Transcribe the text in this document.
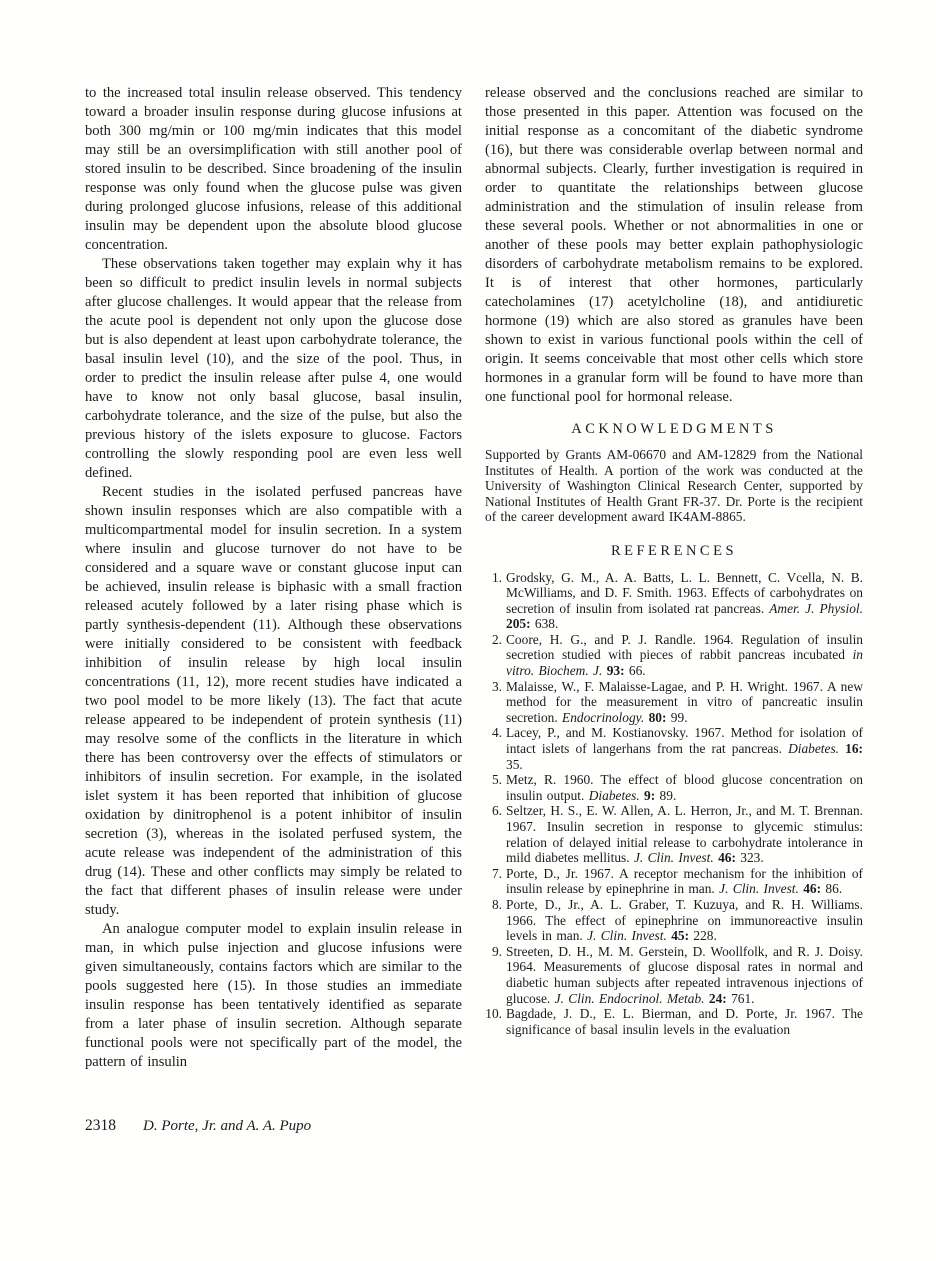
to the increased total insulin release observed. This tendency toward a broader insulin response during glucose infusions at both 300 mg/min or 100 mg/min indicates that this model may still be an oversimplification with still another pool of stored insulin to be described. Since broadening of the insulin response was only found when the glucose pulse was given during prolonged glucose infusions, release of this additional insulin may be dependent upon the absolute blood glucose concentration.

These observations taken together may explain why it has been so difficult to predict insulin levels in normal subjects after glucose challenges. It would appear that the release from the acute pool is dependent not only upon the glucose dose but is also dependent at least upon carbohydrate tolerance, the basal insulin level (10), and the size of the pool. Thus, in order to predict the insulin release after pulse 4, one would have to know not only basal glucose, basal insulin, carbohydrate tolerance, and the size of the pulse, but also the previous history of the islets exposure to glucose. Factors controlling the slowly responding pool are even less well defined.

Recent studies in the isolated perfused pancreas have shown insulin responses which are also compatible with a multicompartmental model for insulin secretion. In a system where insulin and glucose turnover do not have to be considered and a square wave or constant glucose input can be achieved, insulin release is biphasic with a small fraction released acutely followed by a later rising phase which is partly synthesis-dependent (11). Although these observations were initially considered to be consistent with feedback inhibition of insulin release by high local insulin concentrations (11, 12), more recent studies have indicated a two pool model to be more likely (13). The fact that acute release appeared to be independent of protein synthesis (11) may resolve some of the conflicts in the literature in which there has been controversy over the effects of stimulators or inhibitors of insulin secretion. For example, in the isolated islet system it has been reported that inhibition of glucose oxidation by dinitrophenol is a potent inhibitor of insulin secretion (3), whereas in the isolated perfused system, the acute release was independent of the administration of this drug (14). These and other conflicts may simply be related to the fact that different phases of insulin release were under study.

An analogue computer model to explain insulin release in man, in which pulse injection and glucose infusions were given simultaneously, contains factors which are similar to the pools suggested here (15). In those studies an immediate insulin response has been tentatively identified as separate from a later phase of insulin secretion. Although separate functional pools were not specifically part of the model, the pattern of insulin

release observed and the conclusions reached are similar to those presented in this paper. Attention was focused on the initial response as a concomitant of the diabetic syndrome (16), but there was considerable overlap between normal and abnormal subjects. Clearly, further investigation is required in order to quantitate the relationships between glucose administration and the stimulation of insulin release from these several pools. Whether or not abnormalities in one or another of these pools may better explain pathophysiologic disorders of carbohydrate metabolism remains to be explored. It is of interest that other hormones, particularly catecholamines (17) acetylcholine (18), and antidiuretic hormone (19) which are also stored as granules have been shown to exist in various functional pools within the cell of origin. It seems conceivable that most other cells which store hormones in a granular form will be found to have more than one functional pool for hormonal release.

ACKNOWLEDGMENTS

Supported by Grants AM-06670 and AM-12829 from the National Institutes of Health. A portion of the work was conducted at the University of Washington Clinical Research Center, supported by National Institutes of Health Grant FR-37. Dr. Porte is the recipient of the career development award IK4AM-8865.

REFERENCES
1. Grodsky, G. M., A. A. Batts, L. L. Bennett, C. Vcella, N. B. McWilliams, and D. F. Smith. 1963. Effects of carbohydrates on secretion of insulin from isolated rat pancreas. Amer. J. Physiol. 205: 638.
2. Coore, H. G., and P. J. Randle. 1964. Regulation of insulin secretion studied with pieces of rabbit pancreas incubated in vitro. Biochem. J. 93: 66.
3. Malaisse, W., F. Malaisse-Lagae, and P. H. Wright. 1967. A new method for the measurement in vitro of pancreatic insulin secretion. Endocrinology. 80: 99.
4. Lacey, P., and M. Kostianovsky. 1967. Method for isolation of intact islets of langerhans from the rat pancreas. Diabetes. 16: 35.
5. Metz, R. 1960. The effect of blood glucose concentration on insulin output. Diabetes. 9: 89.
6. Seltzer, H. S., E. W. Allen, A. L. Herron, Jr., and M. T. Brennan. 1967. Insulin secretion in response to glycemic stimulus: relation of delayed initial release to carbohydrate intolerance in mild diabetes mellitus. J. Clin. Invest. 46: 323.
7. Porte, D., Jr. 1967. A receptor mechanism for the inhibition of insulin release by epinephrine in man. J. Clin. Invest. 46: 86.
8. Porte, D., Jr., A. L. Graber, T. Kuzuya, and R. H. Williams. 1966. The effect of epinephrine on immunoreactive insulin levels in man. J. Clin. Invest. 45: 228.
9. Streeten, D. H., M. M. Gerstein, D. Woollfolk, and R. J. Doisy. 1964. Measurements of glucose disposal rates in normal and diabetic human subjects after repeated intravenous injections of glucose. J. Clin. Endocrinol. Metab. 24: 761.
10. Bagdade, J. D., E. L. Bierman, and D. Porte, Jr. 1967. The significance of basal insulin levels in the evaluation
2318 D. Porte, Jr. and A. A. Pupo
